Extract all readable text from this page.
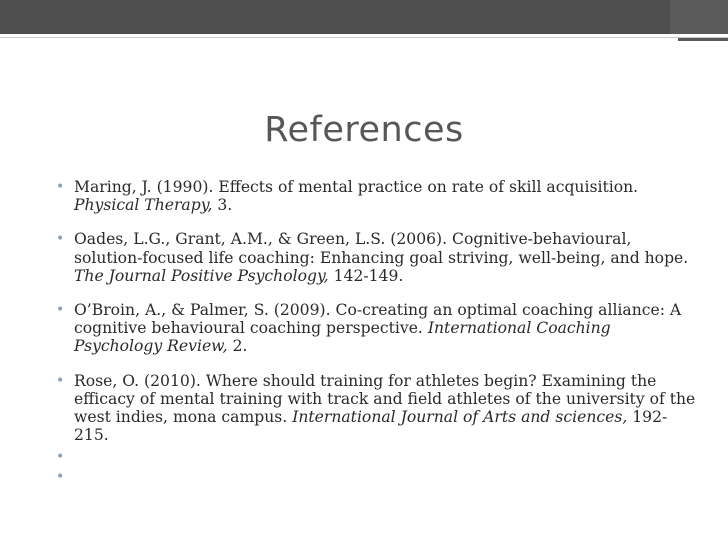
References
• Maring, J. (1990). Effects of mental practice on rate of skill acquisition. Physical Therapy, 3.
• Oades, L.G., Grant, A.M., & Green, L.S. (2006). Cognitive-behavioural, solution-focused life coaching: Enhancing goal striving, well-being, and hope. The Journal Positive Psychology, 142-149.
• O’Broin, A., & Palmer, S. (2009). Co-creating an optimal coaching alliance: A cognitive behavioural coaching perspective. International Coaching Psychology Review, 2.
• Rose, O. (2010). Where should training for athletes begin? Examining the efficacy of mental training with track and field athletes of the university of the west indies, mona campus. International Journal of Arts and sciences, 192-215.
•
•
